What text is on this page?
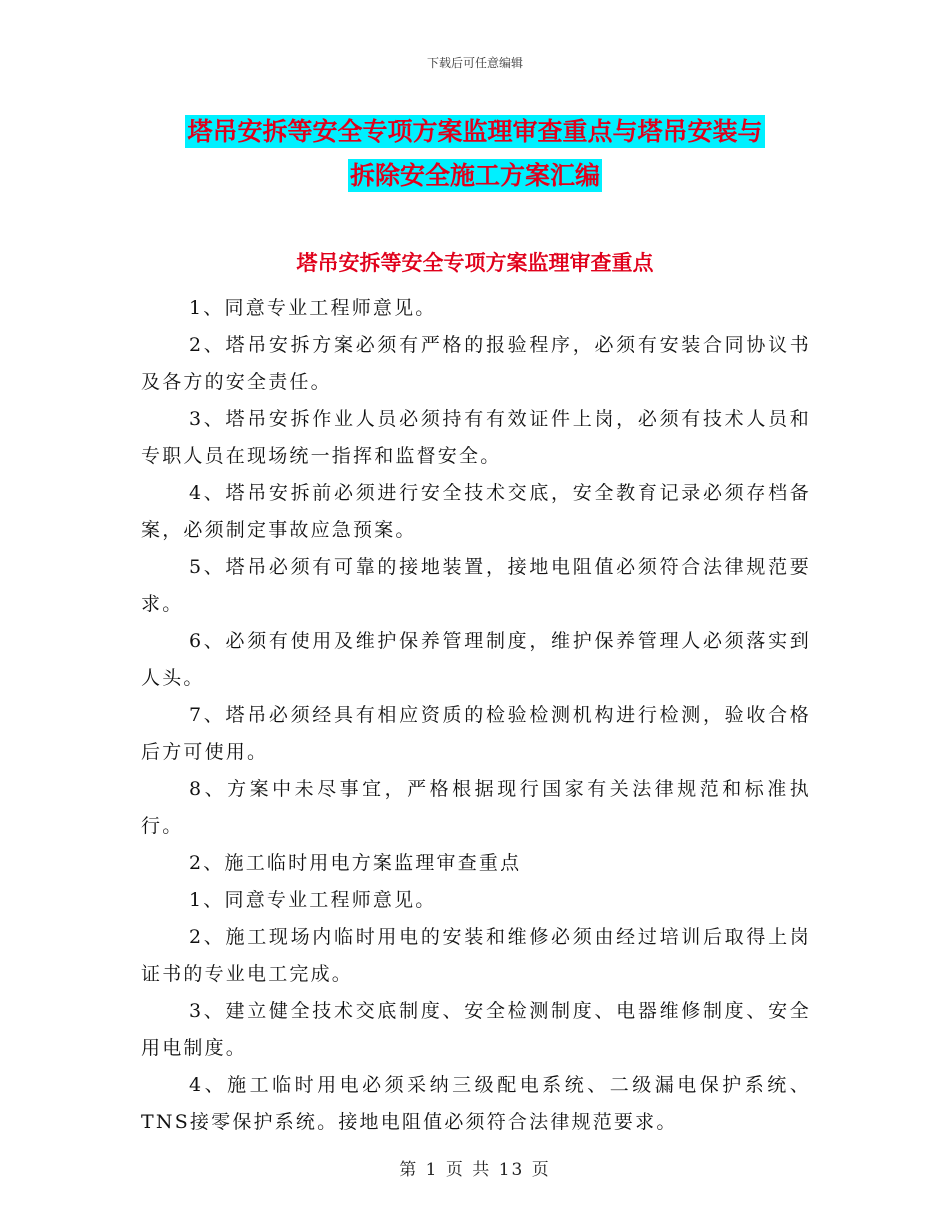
下载后可任意编辑
塔吊安拆等安全专项方案监理审查重点与塔吊安装与
拆除安全施工方案汇编
塔吊安拆等安全专项方案监理审查重点

1、同意专业工程师意见。

2、塔吊安拆方案必须有严格的报验程序，必须有安装合同协议书及各方的安全责任。

3、塔吊安拆作业人员必须持有有效证件上岗，必须有技术人员和专职人员在现场统一指挥和监督安全。

4、塔吊安拆前必须进行安全技术交底，安全教育记录必须存档备案，必须制定事故应急预案。

5、塔吊必须有可靠的接地装置，接地电阻值必须符合法律规范要求。

6、必须有使用及维护保养管理制度，维护保养管理人必须落实到人头。

7、塔吊必须经具有相应资质的检验检测机构进行检测，验收合格后方可使用。

8、方案中未尽事宜，严格根据现行国家有关法律规范和标准执行。

2、施工临时用电方案监理审查重点

1、同意专业工程师意见。

2、施工现场内临时用电的安装和维修必须由经过培训后取得上岗证书的专业电工完成。

3、建立健全技术交底制度、安全检测制度、电器维修制度、安全用电制度。

4、施工临时用电必须采纳三级配电系统、二级漏电保护系统、TNS接零保护系统。接地电阻值必须符合法律规范要求。

第 1 页 共 13 页
